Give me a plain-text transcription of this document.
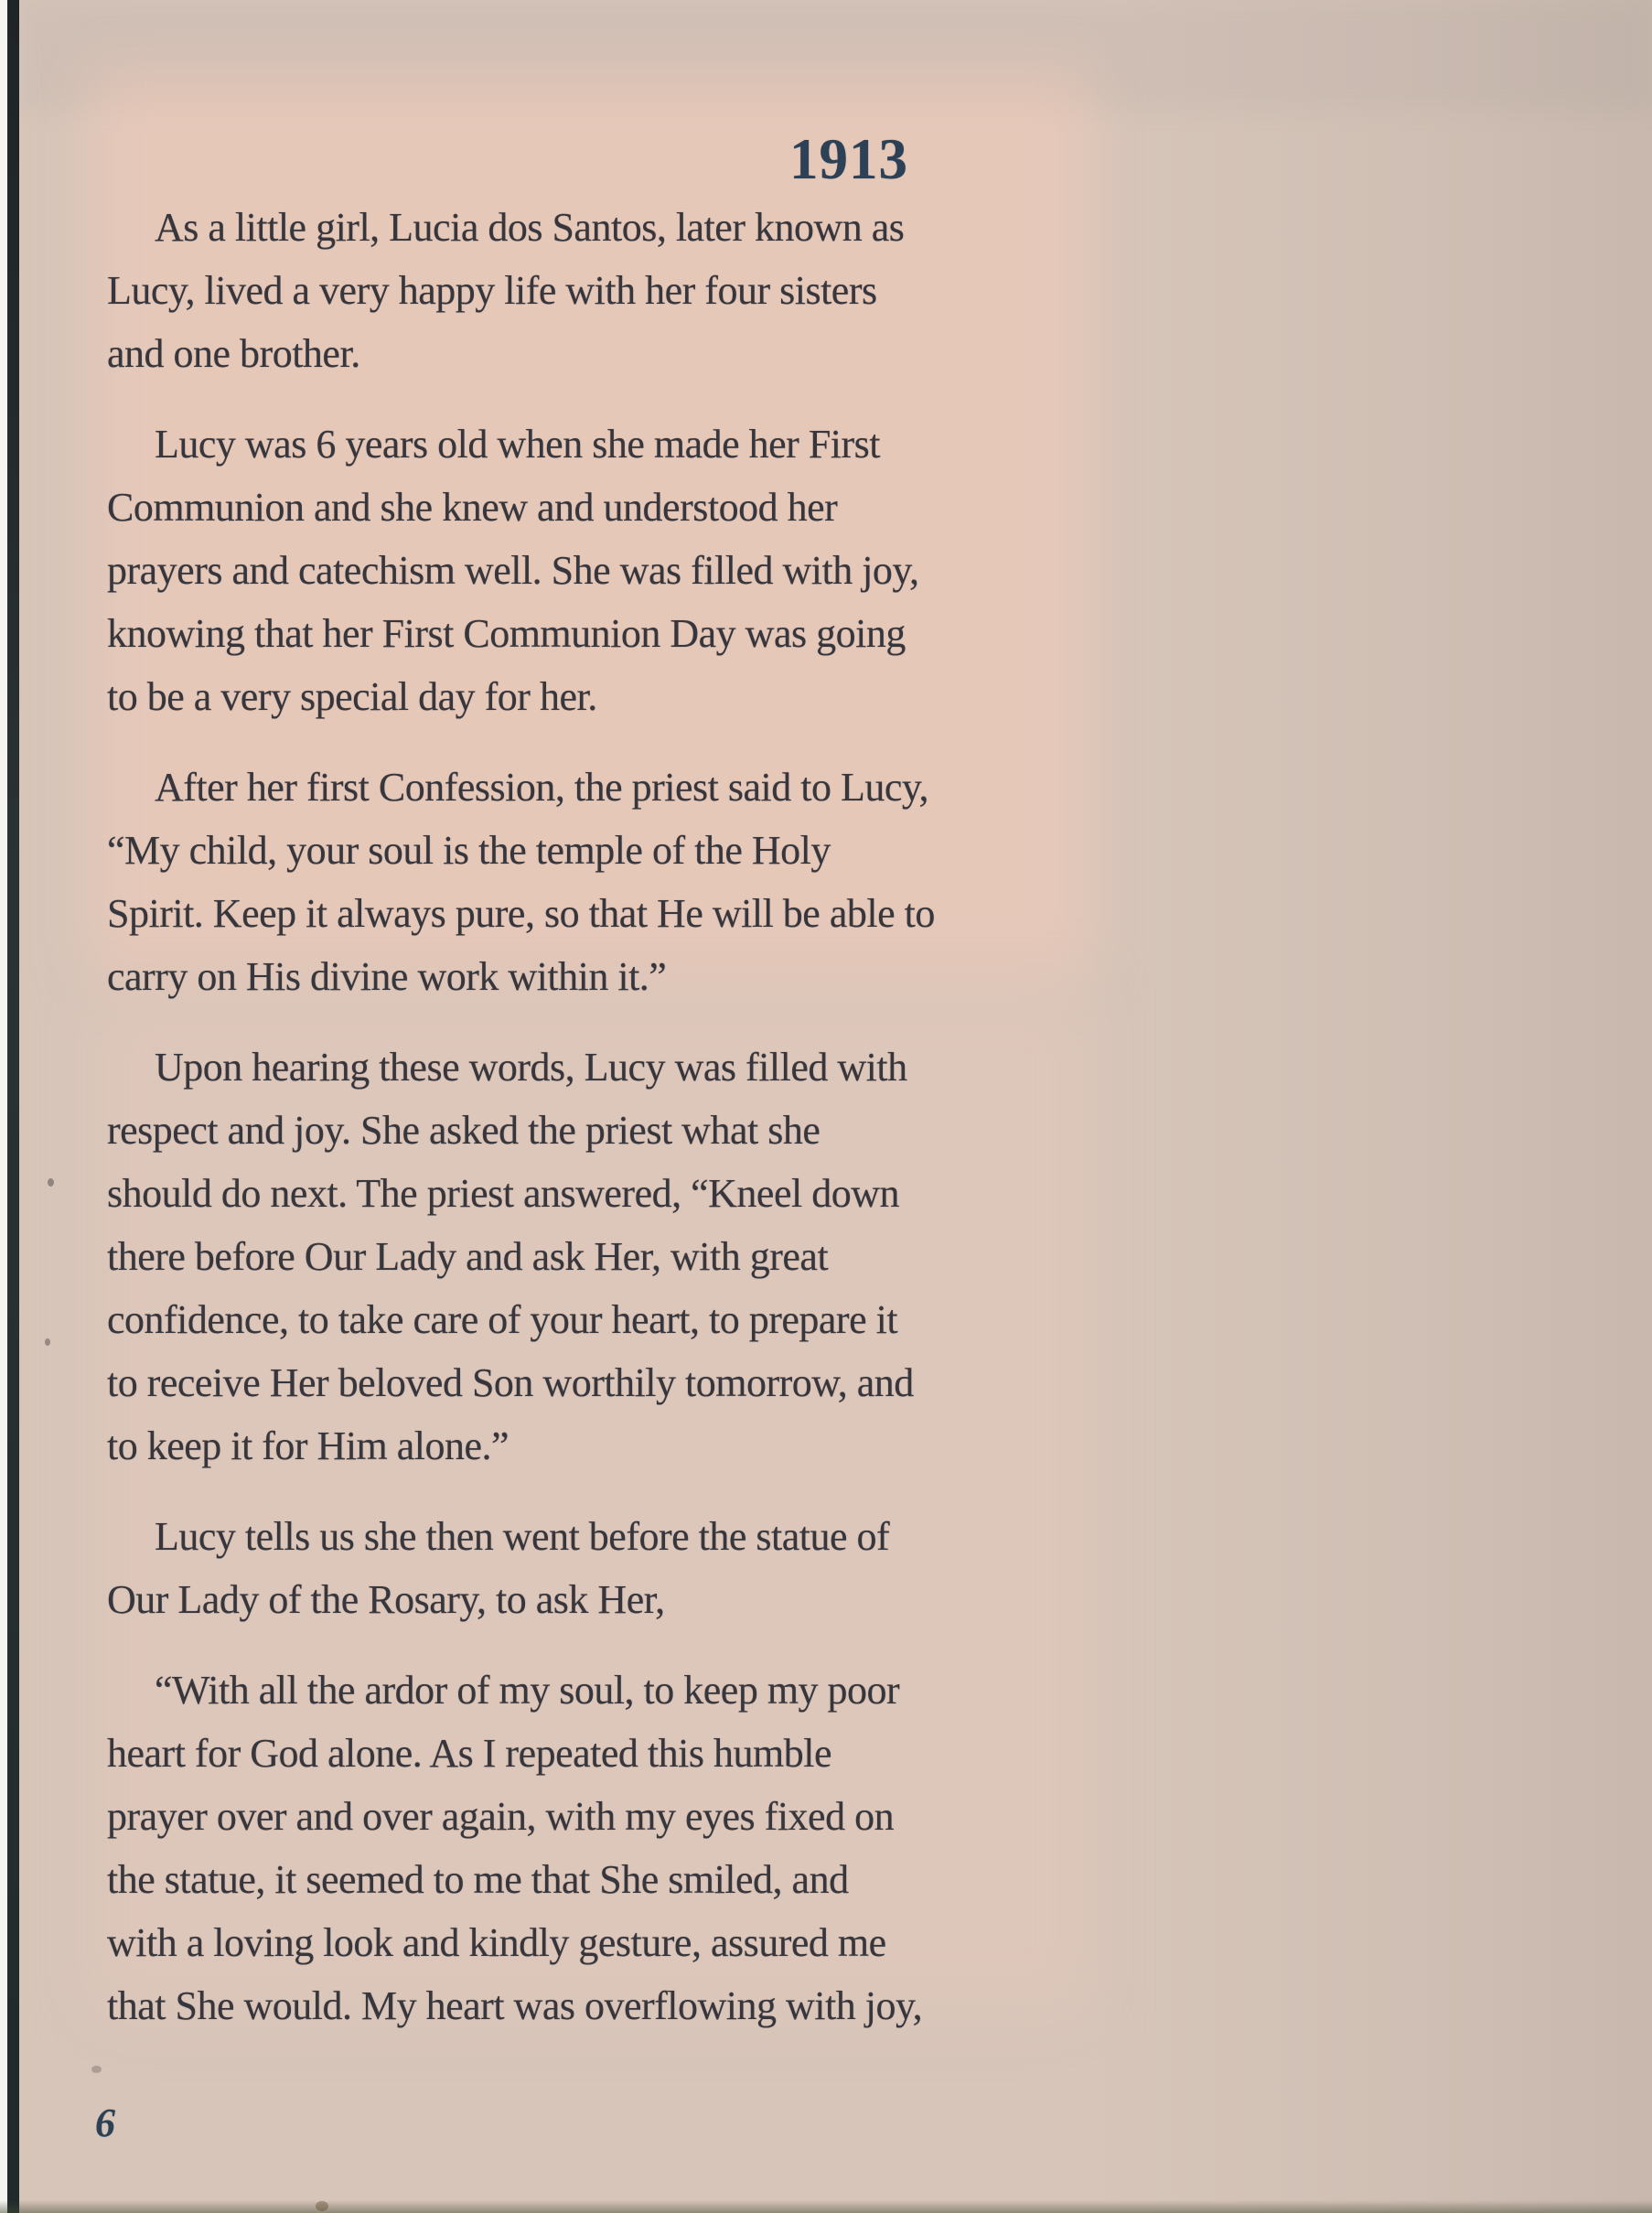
1913
As a little girl, Lucia dos Santos, later known as
Lucy, lived a very happy life with her four sisters
and one brother.
Lucy was 6 years old when she made her First
Communion and she knew and understood her
prayers and catechism well. She was filled with joy,
knowing that her First Communion Day was going
to be a very special day for her.
After her first Confession, the priest said to Lucy,
“My child, your soul is the temple of the Holy
Spirit. Keep it always pure, so that He will be able to
carry on His divine work within it.”
Upon hearing these words, Lucy was filled with
respect and joy. She asked the priest what she
should do next. The priest answered, “Kneel down
there before Our Lady and ask Her, with great
confidence, to take care of your heart, to prepare it
to receive Her beloved Son worthily tomorrow, and
to keep it for Him alone.”
Lucy tells us she then went before the statue of
Our Lady of the Rosary, to ask Her,
“With all the ardor of my soul, to keep my poor
heart for God alone. As I repeated this humble
prayer over and over again, with my eyes fixed on
the statue, it seemed to me that She smiled, and
with a loving look and kindly gesture, assured me
that She would. My heart was overflowing with joy,
6
